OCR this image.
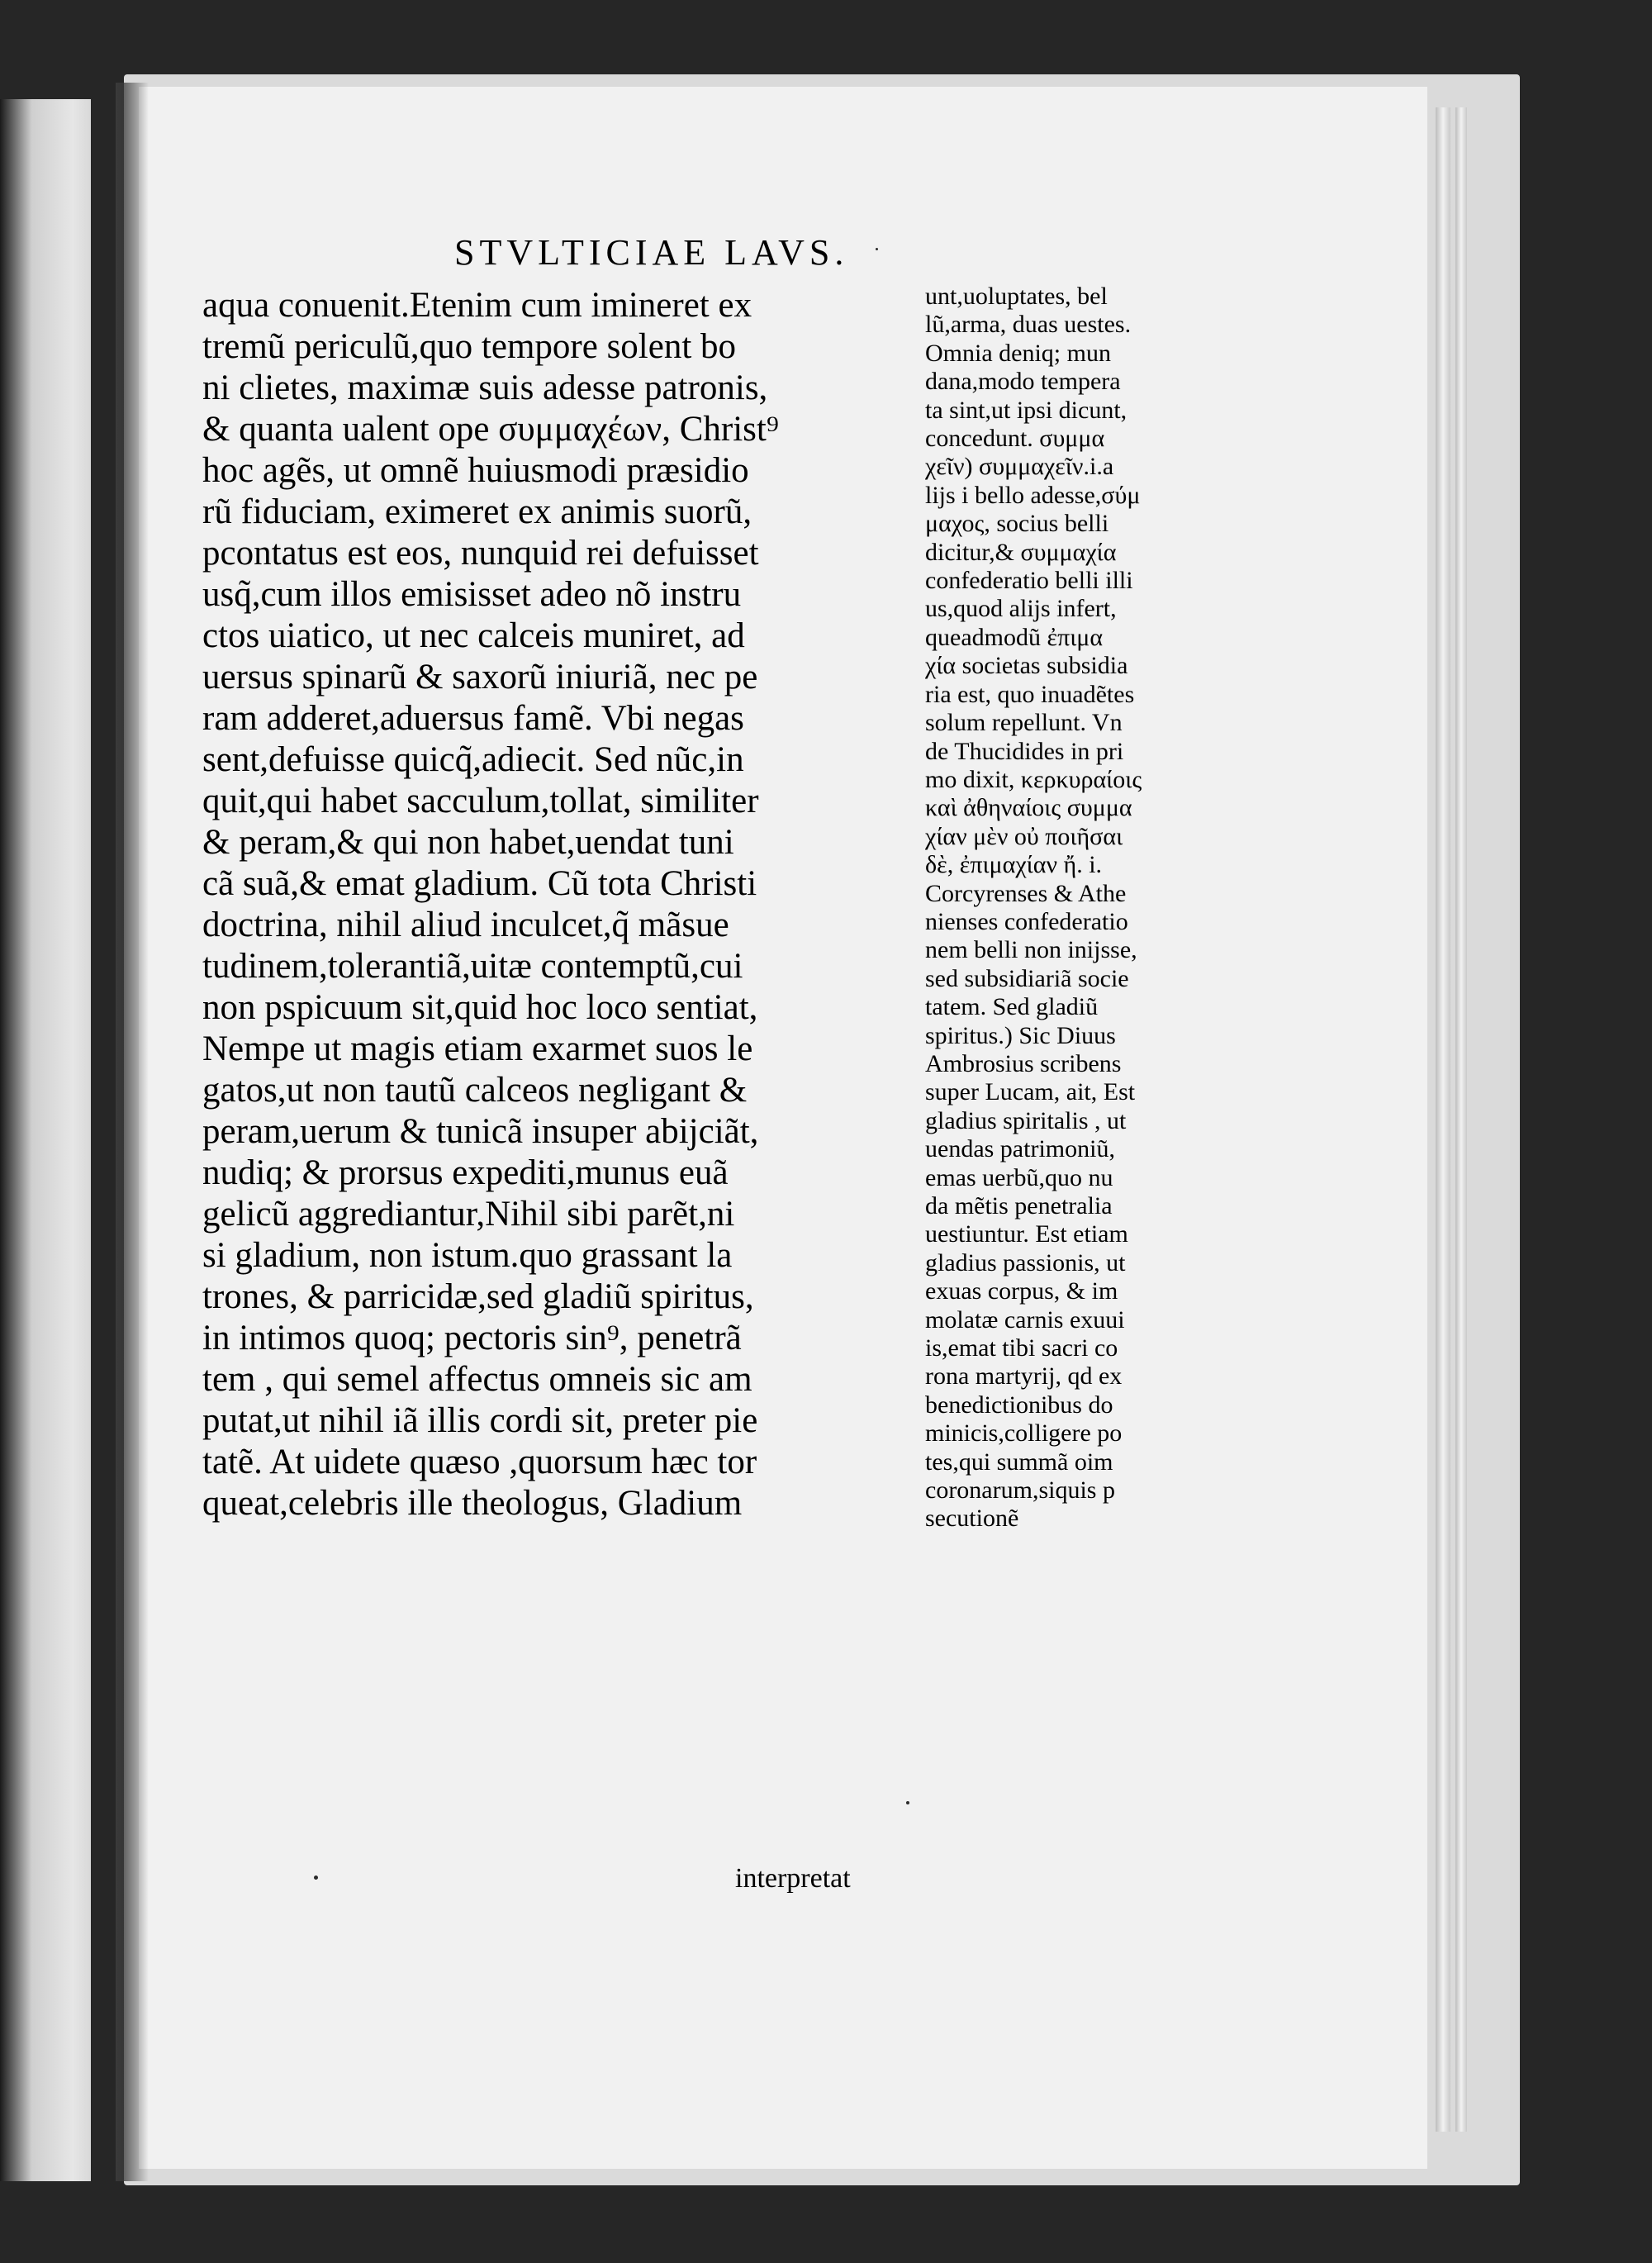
STVLTICIAE LAVS.
aqua conuenit.Etenim cum imineret ex
tremũ periculũ,quo tempore solent bo
ni clietes, maximæ suis adesse patronis,
& quanta ualent ope συμμαχέων, Christ⁹
hoc agẽs, ut omnẽ huiusmodi præsidio
rũ fiduciam, eximeret ex animis suorũ,
pcontatus est eos, nunquid rei defuisset
usq̃,cum illos emisisset adeo nõ instru
ctos uiatico, ut nec calceis muniret, ad
uersus spinarũ & saxorũ iniuriã, nec pe
ram adderet,aduersus famẽ. Vbi negas
sent,defuisse quicq̃,adiecit. Sed nũc,in
quit,qui habet sacculum,tollat, similiter
& peram,& qui non habet,uendat tuni
cã suã,& emat gladium. Cũ tota Christi
doctrina, nihil aliud inculcet,q̃ mãsue
tudinem,tolerantiã,uitæ contemptũ,cui
non pspicuum sit,quid hoc loco sentiat,
Nempe ut magis etiam exarmet suos le
gatos,ut non tautũ calceos negligant &
peram,uerum & tunicã insuper abijciãt,
nudiq; & prorsus expediti,munus euã
gelicũ aggrediantur,Nihil sibi parẽt,ni
si gladium, non istum.quo grassant la
trones, & parricidæ,sed gladiũ spiritus,
in intimos quoq; pectoris sin⁹, penetrã
tem , qui semel affectus omneis sic am
putat,ut nihil iã illis cordi sit, preter pie
tatẽ. At uidete quæso ,quorsum hæc tor
queat,celebris ille theologus, Gladium
unt,uoluptates, bel
lũ,arma, duas uestes.
Omnia deniq; mun
dana,modo tempera
ta sint,ut ipsi dicunt,
concedunt. συμμα
χεῖν) συμμαχεῖν.i.a
lijs i bello adesse,σύμ
μαχος, socius belli
dicitur,& συμμαχία
confederatio belli illi
us,quod alijs infert,
queadmodũ ἐπιμα
χία societas subsidia
ria est, quo inuadẽtes
solum repellunt. Vn
de Thucidides in pri
mo dixit, κερκυραίοις
καὶ ἀθηναίοις συμμα
χίαν μὲν οὐ ποιῆσαι
δὲ, ἐπιμαχίαν ἤ. i.
Corcyrenses & Athe
nienses confederatio
nem belli non inijsse,
sed subsidiariã socie
tatem. Sed gladiũ
spiritus.) Sic Diuus
Ambrosius scribens
super Lucam, ait, Est
gladius spiritalis , ut
uendas patrimoniũ,
emas uerbũ,quo nu
da mẽtis penetralia
uestiuntur. Est etiam
gladius passionis, ut
exuas corpus, & im
molatæ carnis exuui
is,emat tibi sacri co
rona martyrij, qd ex
benedictionibus do
minicis,colligere po
tes,qui summã oim
coronarum,siquis p
secutionẽ
interpretat
